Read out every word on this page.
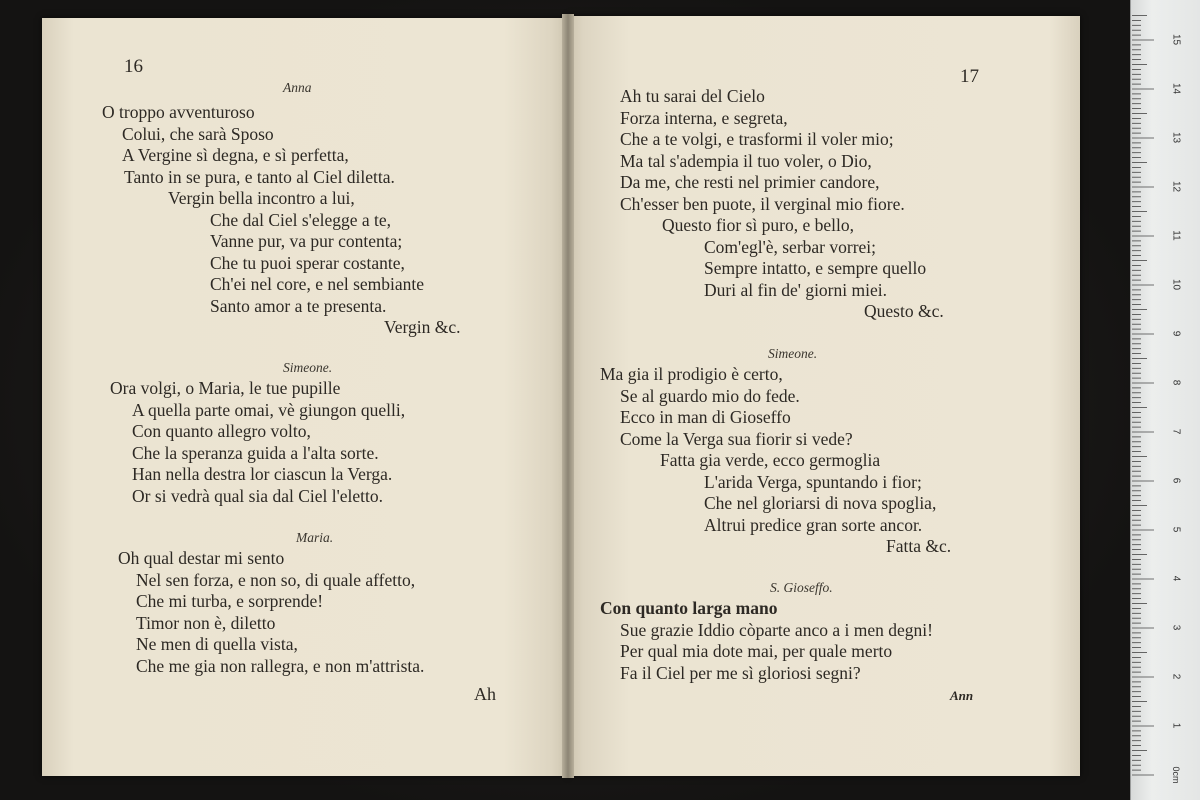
16
Anna
O troppo avventuroso
Colui, che sarà Sposo
A Vergine sì degna, e sì perfetta,
Tanto in se pura, e tanto al Ciel diletta.
Vergin bella incontro a lui,
Che dal Ciel s'elegge a te,
Vanne pur, va pur contenta;
Che tu puoi sperar costante,
Ch'ei nel core, e nel sembiante
Santo amor a te presenta.
Vergin &c.
Simeone.
Ora volgi, o Maria, le tue pupille
A quella parte omai, vè giungon quelli,
Con quanto allegro volto,
Che la speranza guida a l'alta sorte.
Han nella destra lor ciascun la Verga.
Or si vedrà qual sia dal Ciel l'eletto.
Maria.
Oh qual destar mi sento
Nel sen forza, e non so, di quale affetto,
Che mi turba, e sorprende!
Timor non è, diletto
Ne men di quella vista,
Che me gia non rallegra, e non m'attrista.
Ah
17
Ah tu sarai del Cielo
Forza interna, e segreta,
Che a te volgi, e trasformi il voler mio;
Ma tal s'adempia il tuo voler, o Dio,
Da me, che resti nel primier candore,
Ch'esser ben puote, il verginal mio fiore.
Questo fior sì puro, e bello,
Com'egl'è, serbar vorrei;
Sempre intatto, e sempre quello
Duri al fin de' giorni miei.
Questo &c.
Simeone.
Ma gia il prodigio è certo,
Se al guardo mio do fede.
Ecco in man di Gioseffo
Come la Verga sua fiorir si vede?
Fatta gia verde, ecco germoglia
L'arida Verga, spuntando i fior;
Che nel gloriarsi di nova spoglia,
Altrui predice gran sorte ancor.
Fatta &c.
S. Gioseffo.
Con quanto larga mano
Sue grazie Iddio còparte anco a i men degni!
Per qual mia dote mai, per quale merto
Fa il Ciel per me sì gloriosi segni?
Ann
0cm
1
2
3
4
5
6
7
8
9
10
11
12
13
14
15
